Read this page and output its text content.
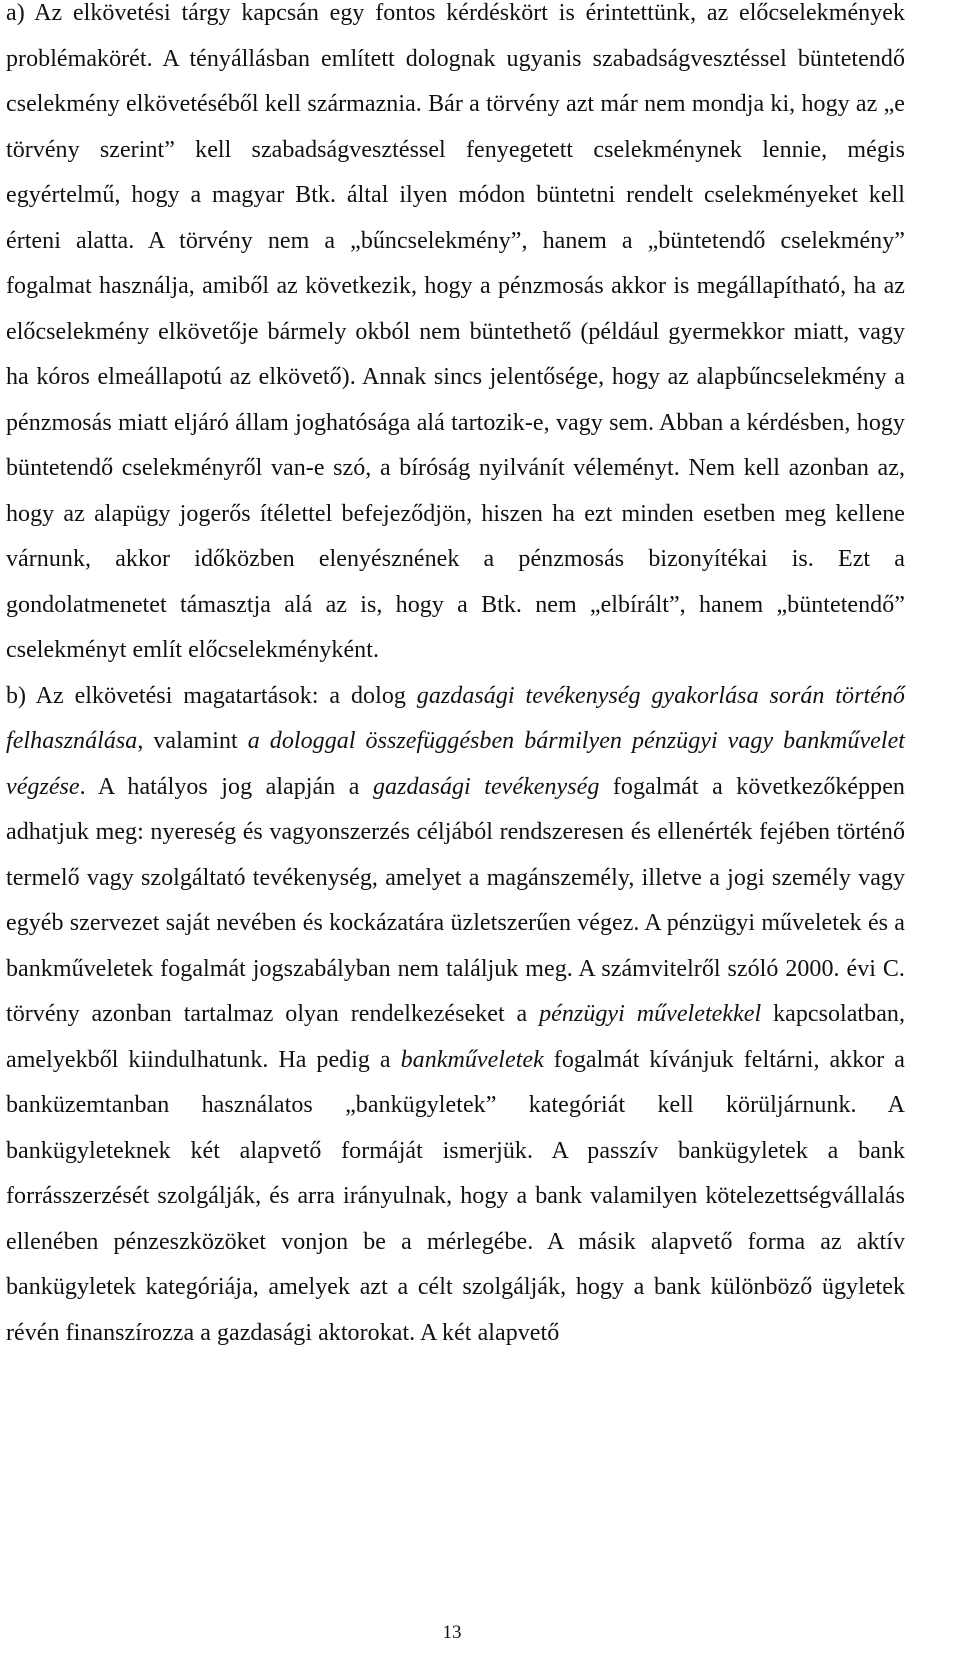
a) Az elkövetési tárgy kapcsán egy fontos kérdéskört is érintettünk, az előcselekmények problémakörét. A tényállásban említett dolognak ugyanis szabadságvesztéssel büntetendő cselekmény elkövetéséből kell származnia. Bár a törvény azt már nem mondja ki, hogy az „e törvény szerint” kell szabadságvesztéssel fenyegetett cselekménynek lennie, mégis egyértelmű, hogy a magyar Btk. által ilyen módon büntetni rendelt cselekményeket kell érteni alatta. A törvény nem a „bűncselekmény”, hanem a „büntetendő cselekmény” fogalmat használja, amiből az következik, hogy a pénzmosás akkor is megállapítható, ha az előcselekmény elkövetője bármely okból nem büntethető (például gyermekkor miatt, vagy ha kóros elmeállapotú az elkövető). Annak sincs jelentősége, hogy az alapbűncselekmény a pénzmosás miatt eljáró állam joghatósága alá tartozik-e, vagy sem. Abban a kérdésben, hogy büntetendő cselekményről van-e szó, a bíróság nyilvánít véleményt. Nem kell azonban az, hogy az alapügy jogerős ítélettel befejeződjön, hiszen ha ezt minden esetben meg kellene várnunk, akkor időközben elenyésznének a pénzmosás bizonyítékai is. Ezt a gondolatmenetet támasztja alá az is, hogy a Btk. nem „elbírált”, hanem „büntetendő” cselekményt említ előcselekményként.

b) Az elkövetési magatartások: a dolog gazdasági tevékenység gyakorlása során történő felhasználása, valamint a dologgal összefüggésben bármilyen pénzügyi vagy bankművelet végzése. A hatályos jog alapján a gazdasági tevékenység fogalmát a következőképpen adhatjuk meg: nyereség és vagyonszerzés céljából rendszeresen és ellenérték fejében történő termelő vagy szolgáltató tevékenység, amelyet a magánszemély, illetve a jogi személy vagy egyéb szervezet saját nevében és kockázatára üzletszerűen végez. A pénzügyi műveletek és a bankműveletek fogalmát jogszabályban nem találjuk meg. A számvitelről szóló 2000. évi C. törvény azonban tartalmaz olyan rendelkezéseket a pénzügyi műveletekkel kapcsolatban, amelyekből kiindulhatunk. Ha pedig a bankműveletek fogalmát kívánjuk feltárni, akkor a banküzemtanban használatos „bankügyletek” kategóriát kell körüljárnunk. A bankügyleteknek két alapvető formáját ismerjük. A passzív bankügyletek a bank forrásszerzését szolgálják, és arra irányulnak, hogy a bank valamilyen kötelezettségvállalás ellenében pénzeszközöket vonjon be a mérlegébe. A másik alapvető forma az aktív bankügyletek kategóriája, amelyek azt a célt szolgálják, hogy a bank különböző ügyletek révén finanszírozza a gazdasági aktorokat. A két alapvető

13
